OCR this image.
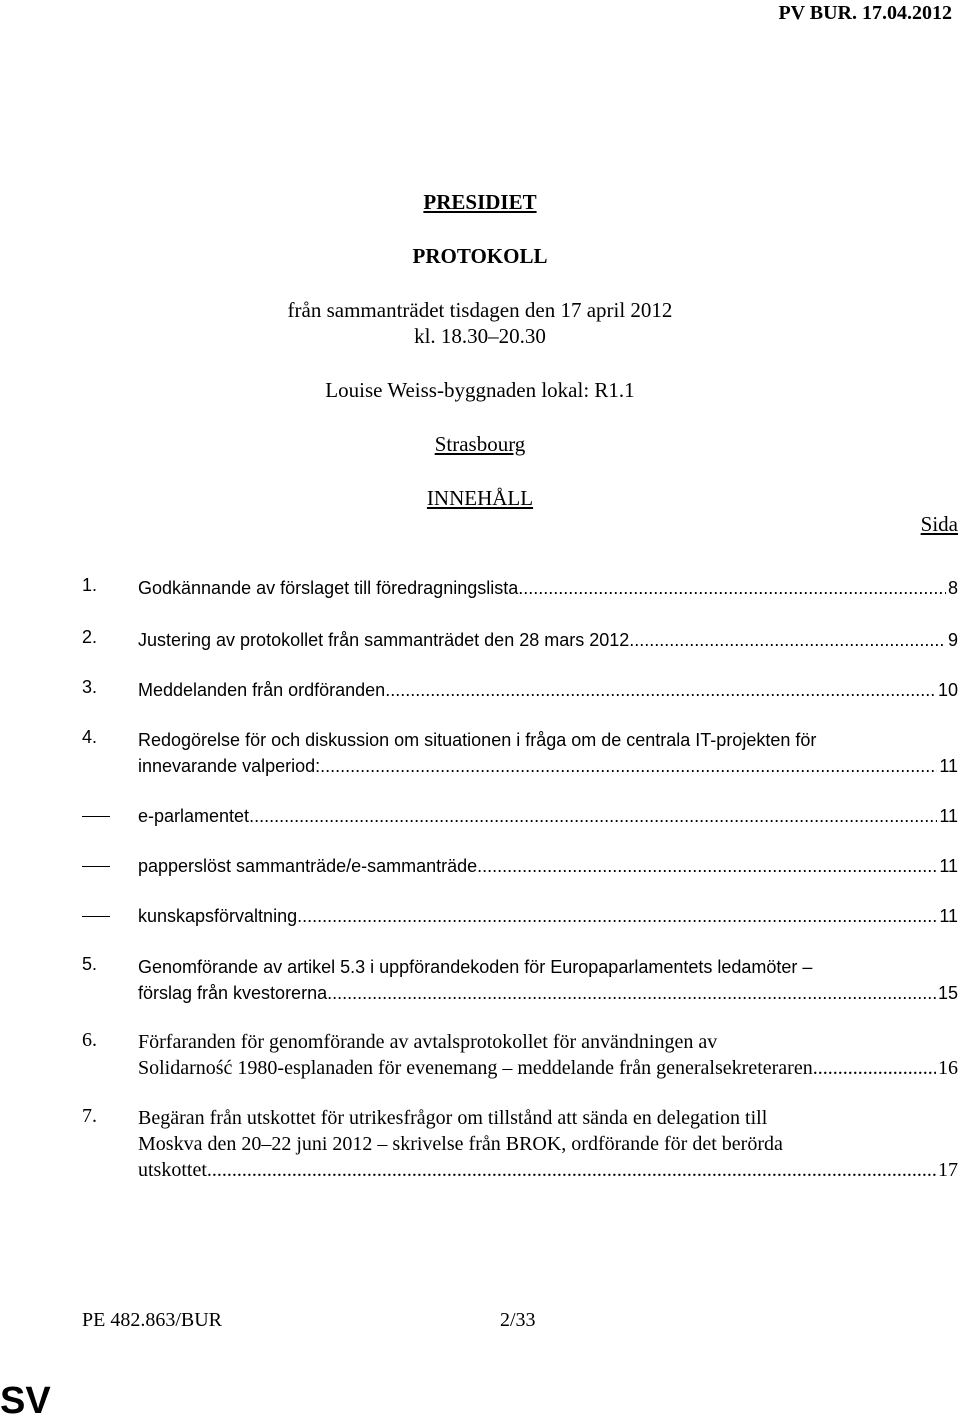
PV BUR. 17.04.2012
PRESIDIET
PROTOKOLL
från sammanträdet tisdagen den 17 april 2012
kl. 18.30–20.30
Louise Weiss-byggnaden lokal: R1.1
Strasbourg
INNEHÅLL
Sida
1. Godkännande av förslaget till föredragningslista .....	8
2. Justering av protokollet från sammanträdet den 28 mars 2012 .....	9
3. Meddelanden från ordföranden .....	10
4. Redogörelse för och diskussion om situationen i fråga om de centrala IT-projekten för
innevarande valperiod: .....	11
e-parlamentet .....	11
papperslöst sammanträde/e-sammanträde .....	11
kunskapsförvaltning .....	11
5. Genomförande av artikel 5.3 i uppförandekoden för Europaparlamentets ledamöter –
förslag från kvestorerna .....	15
6. Förfaranden för genomförande av avtalsprotokollet för användningen av
Solidarność 1980-esplanaden för evenemang – meddelande från generalsekreteraren. .....	16
7. Begäran från utskottet för utrikesfrågor om tillstånd att sända en delegation till
Moskva den 20–22 juni 2012 – skrivelse från BROK, ordförande för det berörda
utskottet .....	17
PE 482.863/BUR	2/33
SV
